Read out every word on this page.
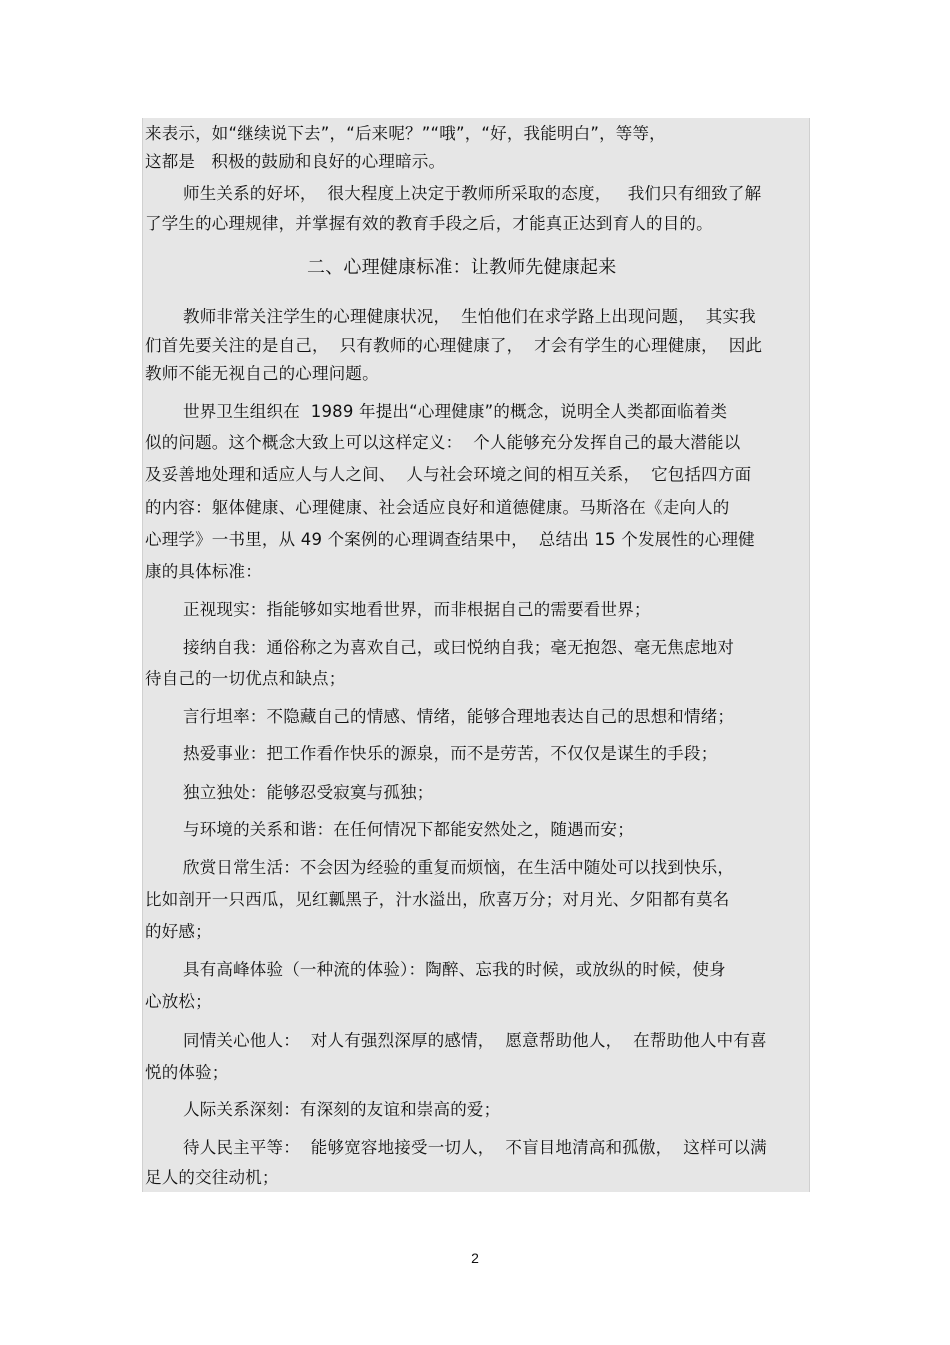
来表示，如“继续说下去”，“后来呢？”“哦”，“好，我能明白”，等等，
这都是   积极的鼓励和良好的心理暗示。
师生关系的好坏，  很大程度上决定于教师所采取的态度，   我们只有细致了解
了学生的心理规律，并掌握有效的教育手段之后，才能真正达到育人的目的。
二、心理健康标准：让教师先健康起来
教师非常关注学生的心理健康状况，  生怕他们在求学路上出现问题，  其实我
们首先要关注的是自己，  只有教师的心理健康了，  才会有学生的心理健康，  因此
教师不能无视自己的心理问题。
世界卫生组织在  1989 年提出“心理健康”的概念，说明全人类都面临着类
似的问题。这个概念大致上可以这样定义：  个人能够充分发挥自己的最大潜能以
及妥善地处理和适应人与人之间、  人与社会环境之间的相互关系，  它包括四方面
的内容：躯体健康、心理健康、社会适应良好和道德健康。马斯洛在《走向人的
心理学》一书里，从 49 个案例的心理调查结果中，  总结出 15 个发展性的心理健
康的具体标准：
正视现实：指能够如实地看世界，而非根据自己的需要看世界；
接纳自我：通俗称之为喜欢自己，或曰悦纳自我；毫无抱怨、毫无焦虑地对
待自己的一切优点和缺点；
言行坦率：不隐藏自己的情感、情绪，能够合理地表达自己的思想和情绪；
热爱事业：把工作看作快乐的源泉，而不是劳苦，不仅仅是谋生的手段；
独立独处：能够忍受寂寞与孤独；
与环境的关系和谐：在任何情况下都能安然处之，随遇而安；
欣赏日常生活：不会因为经验的重复而烦恼，在生活中随处可以找到快乐，
比如剖开一只西瓜，见红瓤黑子，汁水溢出，欣喜万分；对月光、夕阳都有莫名
的好感；
具有高峰体验（一种流的体验）：陶醉、忘我的时候，或放纵的时候，使身
心放松；
同情关心他人：  对人有强烈深厚的感情，  愿意帮助他人，  在帮助他人中有喜
悦的体验；
人际关系深刻：有深刻的友谊和崇高的爱；
待人民主平等：  能够宽容地接受一切人，  不盲目地清高和孤傲，  这样可以满
足人的交往动机；
2
